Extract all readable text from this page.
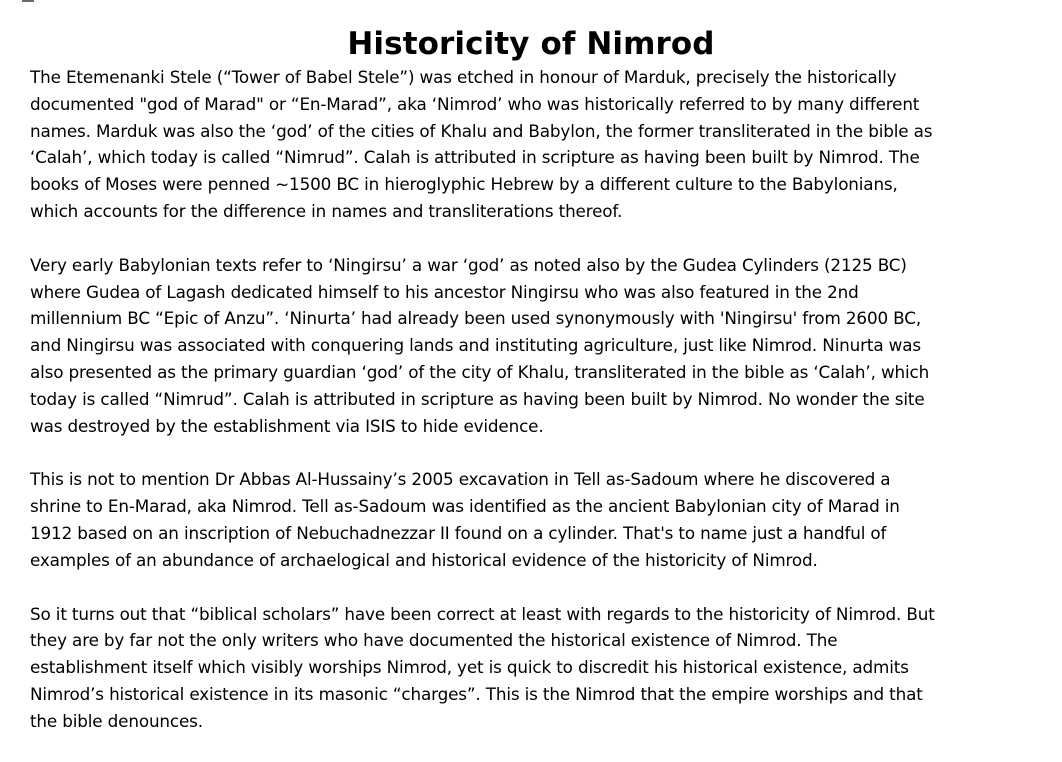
Historicity of Nimrod

The Etemenanki Stele (“Tower of Babel Stele”) was etched in honour of Marduk, precisely the historically
documented "god of Marad" or “En-Marad”, aka ‘Nimrod’ who was historically referred to by many different
names. Marduk was also the ‘god’ of the cities of Khalu and Babylon, the former transliterated in the bible as
‘Calah’, which today is called “Nimrud”. Calah is attributed in scripture as having been built by Nimrod. The
books of Moses were penned ~1500 BC in hieroglyphic Hebrew by a different culture to the Babylonians,
which accounts for the difference in names and transliterations thereof.

Very early Babylonian texts refer to ‘Ningirsu’ a war ‘god’ as noted also by the Gudea Cylinders (2125 BC)
where Gudea of Lagash dedicated himself to his ancestor Ningirsu who was also featured in the 2nd
millennium BC “Epic of Anzu”. ‘Ninurta’ had already been used synonymously with 'Ningirsu' from 2600 BC,
and Ningirsu was associated with conquering lands and instituting agriculture, just like Nimrod. Ninurta was
also presented as the primary guardian ‘god’ of the city of Khalu, transliterated in the bible as ‘Calah’, which
today is called “Nimrud”. Calah is attributed in scripture as having been built by Nimrod. No wonder the site
was destroyed by the establishment via ISIS to hide evidence.

This is not to mention Dr Abbas Al-Hussainy’s 2005 excavation in Tell as-Sadoum where he discovered a
shrine to En-Marad, aka Nimrod. Tell as-Sadoum was identified as the ancient Babylonian city of Marad in
1912 based on an inscription of Nebuchadnezzar II found on a cylinder. That's to name just a handful of
examples of an abundance of archaelogical and historical evidence of the historicity of Nimrod.

So it turns out that “biblical scholars” have been correct at least with regards to the historicity of Nimrod. But
they are by far not the only writers who have documented the historical existence of Nimrod. The
establishment itself which visibly worships Nimrod, yet is quick to discredit his historical existence, admits
Nimrod’s historical existence in its masonic “charges”. This is the Nimrod that the empire worships and that
the bible denounces.
